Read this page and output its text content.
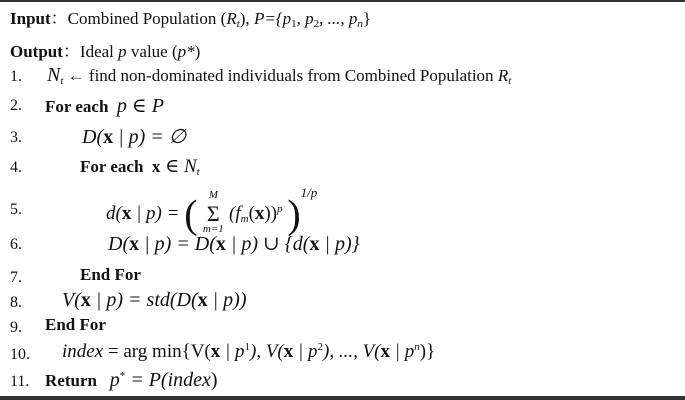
Input：Combined Population $(R_t)$, $P=\{p_1$, $p_2$, ..., $p_n$}
Output：Ideal p value (p*)
1. $N_t$ ← find non-dominated individuals from Combined Population $R_t$
2. For each p ∈ P
3.	D(x | p) = ∅
4.	For each x ∈ $N_t$
5.	d(x | p) = (	M
Σ
m=1
$(f_m(x))^p$ )$^{1/p}$
6.	D(x | p) = D(x | p) ∪ {d(x | p)}
7.	End For
8. V(x | p) = std(D(x | p))
9. End For
10. index = arg min{V(x | $p^1$), V(x | $p^2$), ..., V(x | $p^n$)}
11. Return p* = P(index)
